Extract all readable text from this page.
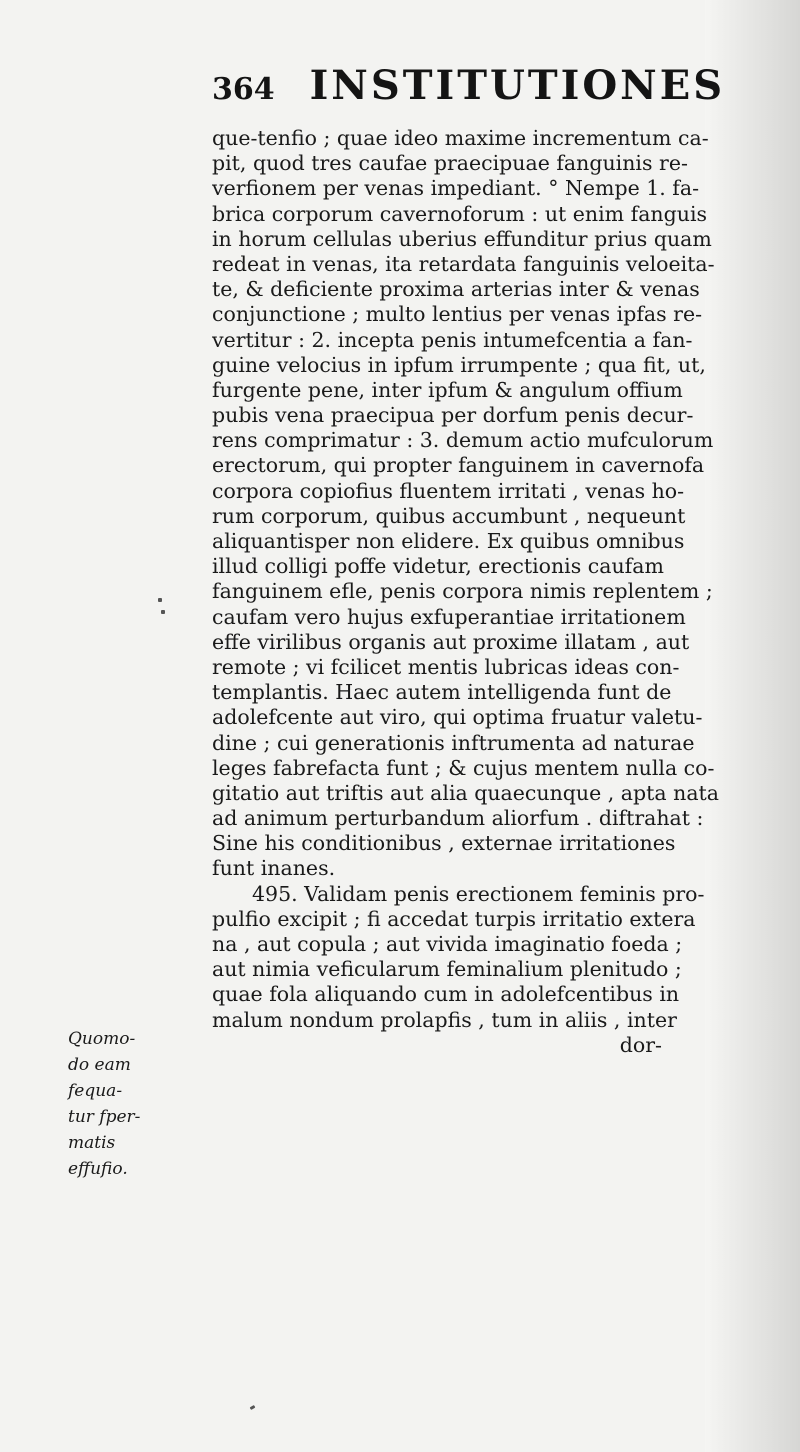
364 INSTITUTIONES
que-tenfio ; quae ideo maxime incrementum ca-
pit, quod tres caufae praecipuae fanguinis re-
verfionem per venas impediant. ° Nempe 1. fa-
brica corporum cavernoforum : ut enim fanguis
in horum cellulas uberius effunditur prius quam
redeat in venas, ita retardata fanguinis veloeita-
te, & deficiente proxima arterias inter & venas
conjunctione ; multo lentius per venas ipfas re-
vertitur : 2. incepta penis intumefcentia a fan-
guine velocius in ipfum irrumpente ; qua fit, ut,
furgente pene, inter ipfum & angulum offium
pubis vena praecipua per dorfum penis decur-
rens comprimatur : 3. demum actio mufculorum
erectorum, qui propter fanguinem in cavernofa
corpora copiofius fluentem irritati , venas ho-
rum corporum, quibus accumbunt , nequeunt
aliquantisper non elidere. Ex quibus omnibus
illud colligi poffe videtur, erectionis caufam
fanguinem efle, penis corpora nimis replentem ;
caufam vero hujus exfuperantiae irritationem
effe virilibus organis aut proxime illatam , aut
remote ; vi fcilicet mentis lubricas ideas con-
templantis. Haec autem intelligenda funt de
adolefcente aut viro, qui optima fruatur valetu-
dine ; cui generationis inftrumenta ad naturae
leges fabrefacta funt ; & cujus mentem nulla co-
gitatio aut triftis aut alia quaecunque , apta nata
ad animum perturbandum aliorfum . diftrahat :
Sine his conditionibus , externae irritationes
funt inanes.
495. Validam penis erectionem feminis pro-
pulfio excipit ; fi accedat turpis irritatio extera
na , aut copula ; aut vivida imaginatio foeda ;
aut nimia veficularum feminalium plenitudo ;
quae fola aliquando cum in adolefcentibus in
malum nondum prolapfis , tum in aliis , inter
dor-
Quomo-
do eam
fequa-
tur fper-
matis
effufio.
